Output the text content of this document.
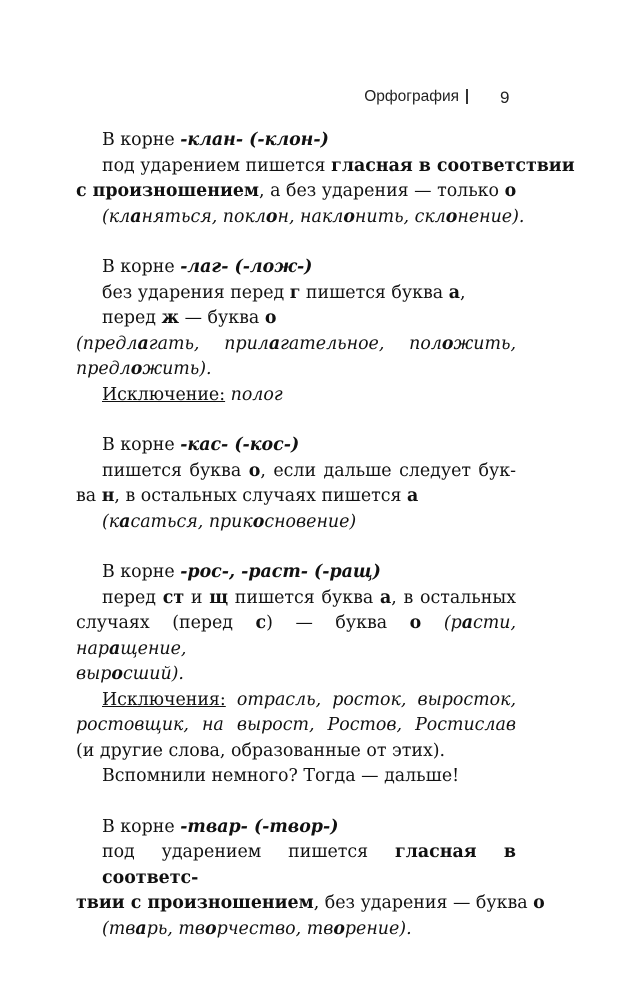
Орфография 9
В корне -клан- (-клон-)
под ударением пишется гласная в соответствии
с произношением, а без ударения — только о
(кланяться, поклон, наклонить, склонение).
В корне -лаг- (-лож-)
без ударения перед г пишется буква а,
перед ж — буква о
(предлагать, прилагательное, положить,
предложить).
Исключение: полог
В корне -кас- (-кос-)
пишется буква о, если дальше следует бук-
ва н, в остальных случаях пишется а
(касаться, прикосновение)
В корне -рос-, -раст- (-ращ)
перед ст и щ пишется буква а, в остальных
случаях (перед с) — буква о (расти, наращение,
выросший).
Исключения: отрасль, росток, выросток,
ростовщик, на вырост, Ростов, Ростислав
(и другие слова, образованные от этих).
Вспомнили немного? Тогда — дальше!
В корне -твар- (-твор-)
под ударением пишется гласная в соответс-
твии с произношением, без ударения — буква о
(тварь, творчество, творение).
